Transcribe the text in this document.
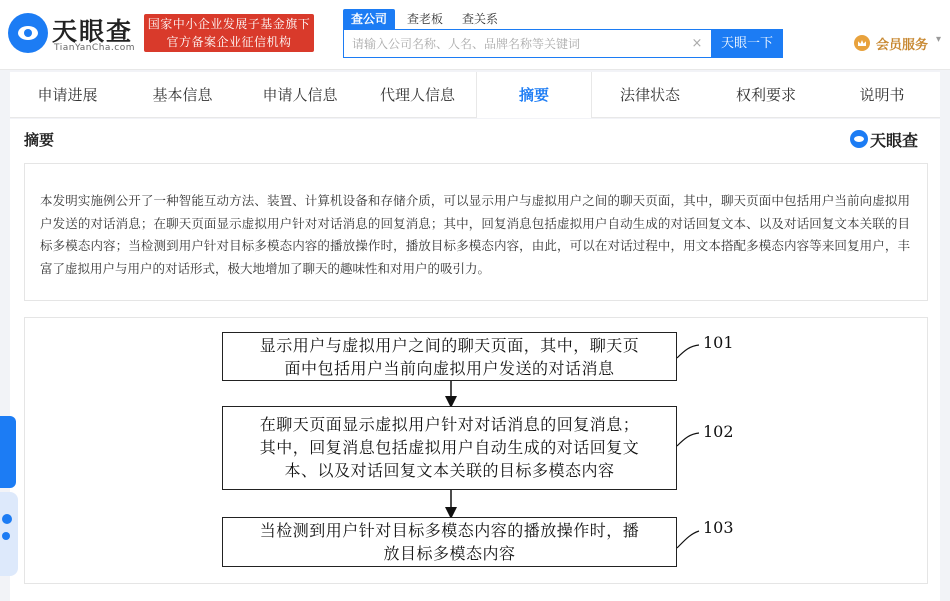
天眼查
TianYanCha.com
国家中小企业发展子基金旗下
官方备案企业征信机构
查公司	查老板 查关系
请输入公司名称、人名、品牌名称等关键词
×	天眼一下	会员服务 ▾
申请进展	基本信息	申请人信息	代理人信息	摘要	法律状态	权利要求	说明书
摘要	天眼查
本发明实施例公开了一种智能互动方法、装置、计算机设备和存储介质，可以显示用户与虚拟用户之间的聊天页面，其中，聊天页面中包括用户当前向虚拟用户发送的对话消息；在聊天页面显示虚拟用户针对对话消息的回复消息；其中，回复消息包括虚拟用户自动生成的对话回复文本、以及对话回复文本关联的目标多模态内容；当检测到用户针对目标多模态内容的播放操作时，播放目标多模态内容，由此，可以在对话过程中，用文本搭配多模态内容等来回复用户，丰富了虚拟用户与用户的对话形式，极大地增加了聊天的趣味性和对用户的吸引力。
显示用户与虚拟用户之间的聊天页面，其中，聊天页
面中包括用户当前向虚拟用户发送的对话消息
101
在聊天页面显示虚拟用户针对对话消息的回复消息；
其中，回复消息包括虚拟用户自动生成的对话回复文
本、以及对话回复文本关联的目标多模态内容
102
当检测到用户针对目标多模态内容的播放操作时，播
放目标多模态内容
103
